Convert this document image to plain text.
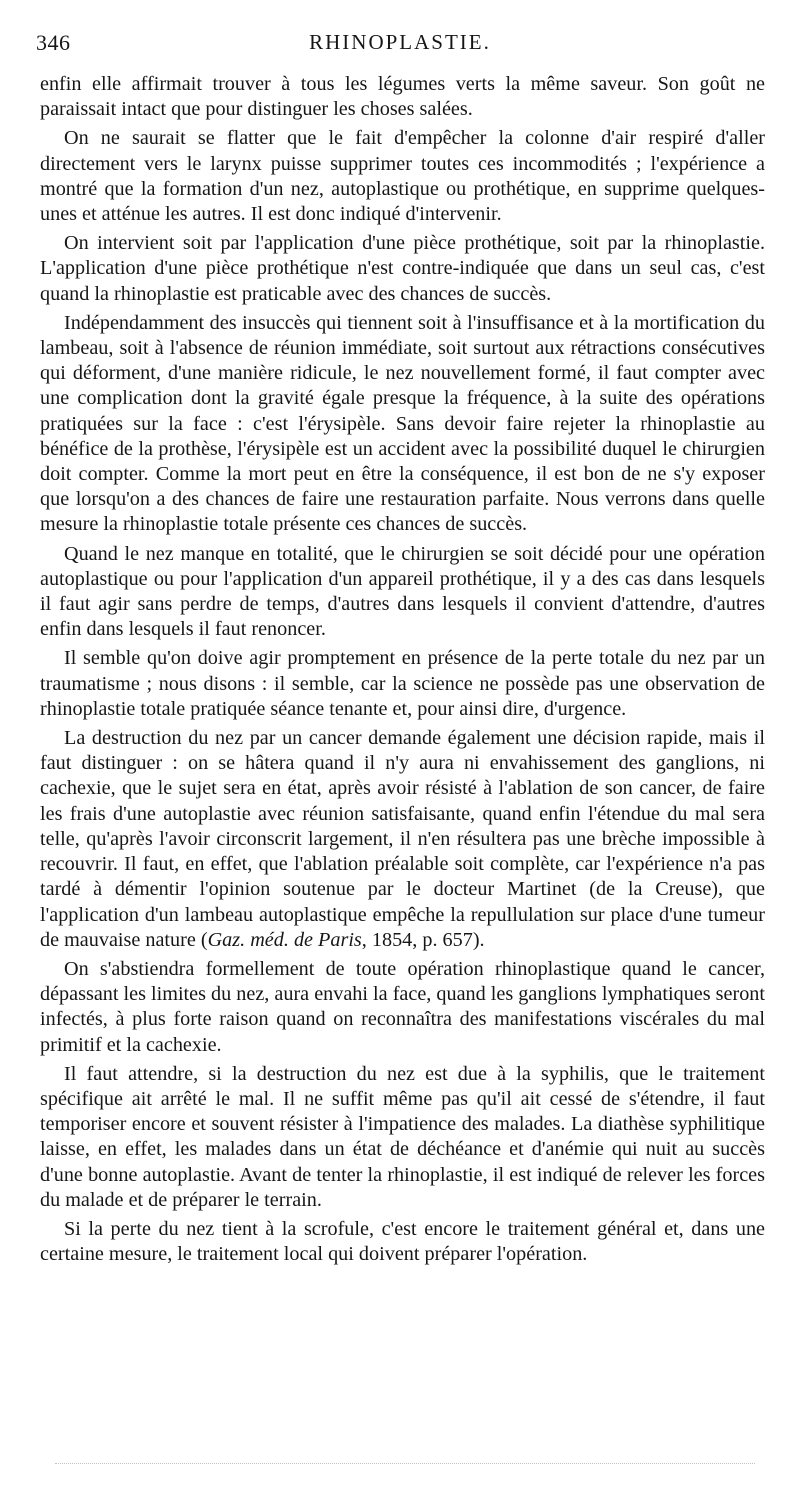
346	RHINOPLASTIE.

enfin elle affirmait trouver à tous les légumes verts la même saveur. Son goût ne paraissait intact que pour distinguer les choses salées.

On ne saurait se flatter que le fait d'empêcher la colonne d'air respiré d'aller directement vers le larynx puisse supprimer toutes ces incommodités ; l'expérience a montré que la formation d'un nez, autoplastique ou prothétique, en supprime quelques-unes et atténue les autres. Il est donc indiqué d'intervenir.

On intervient soit par l'application d'une pièce prothétique, soit par la rhinoplastie. L'application d'une pièce prothétique n'est contre-indiquée que dans un seul cas, c'est quand la rhinoplastie est praticable avec des chances de succès.

Indépendamment des insuccès qui tiennent soit à l'insuffisance et à la mortification du lambeau, soit à l'absence de réunion immédiate, soit surtout aux rétractions consécutives qui déforment, d'une manière ridicule, le nez nouvellement formé, il faut compter avec une complication dont la gravité égale presque la fréquence, à la suite des opérations pratiquées sur la face : c'est l'érysipèle. Sans devoir faire rejeter la rhinoplastie au bénéfice de la prothèse, l'érysipèle est un accident avec la possibilité duquel le chirurgien doit compter. Comme la mort peut en être la conséquence, il est bon de ne s'y exposer que lorsqu'on a des chances de faire une restauration parfaite. Nous verrons dans quelle mesure la rhinoplastie totale présente ces chances de succès.

Quand le nez manque en totalité, que le chirurgien se soit décidé pour une opération autoplastique ou pour l'application d'un appareil prothétique, il y a des cas dans lesquels il faut agir sans perdre de temps, d'autres dans lesquels il convient d'attendre, d'autres enfin dans lesquels il faut renoncer.

Il semble qu'on doive agir promptement en présence de la perte totale du nez par un traumatisme ; nous disons : il semble, car la science ne possède pas une observation de rhinoplastie totale pratiquée séance tenante et, pour ainsi dire, d'urgence.

La destruction du nez par un cancer demande également une décision rapide, mais il faut distinguer : on se hâtera quand il n'y aura ni envahissement des ganglions, ni cachexie, que le sujet sera en état, après avoir résisté à l'ablation de son cancer, de faire les frais d'une autoplastie avec réunion satisfaisante, quand enfin l'étendue du mal sera telle, qu'après l'avoir circonscrit largement, il n'en résultera pas une brèche impossible à recouvrir. Il faut, en effet, que l'ablation préalable soit complète, car l'expérience n'a pas tardé à démentir l'opinion soutenue par le docteur Martinet (de la Creuse), que l'application d'un lambeau autoplastique empêche la repullulation sur place d'une tumeur de mauvaise nature (Gaz. méd. de Paris, 1854, p. 657).

On s'abstiendra formellement de toute opération rhinoplastique quand le cancer, dépassant les limites du nez, aura envahi la face, quand les ganglions lymphatiques seront infectés, à plus forte raison quand on reconnaîtra des manifestations viscérales du mal primitif et la cachexie.

Il faut attendre, si la destruction du nez est due à la syphilis, que le traitement spécifique ait arrêté le mal. Il ne suffit même pas qu'il ait cessé de s'étendre, il faut temporiser encore et souvent résister à l'impatience des malades. La diathèse syphilitique laisse, en effet, les malades dans un état de déchéance et d'anémie qui nuit au succès d'une bonne autoplastie. Avant de tenter la rhinoplastie, il est indiqué de relever les forces du malade et de préparer le terrain.

Si la perte du nez tient à la scrofule, c'est encore le traitement général et, dans une certaine mesure, le traitement local qui doivent préparer l'opération.
